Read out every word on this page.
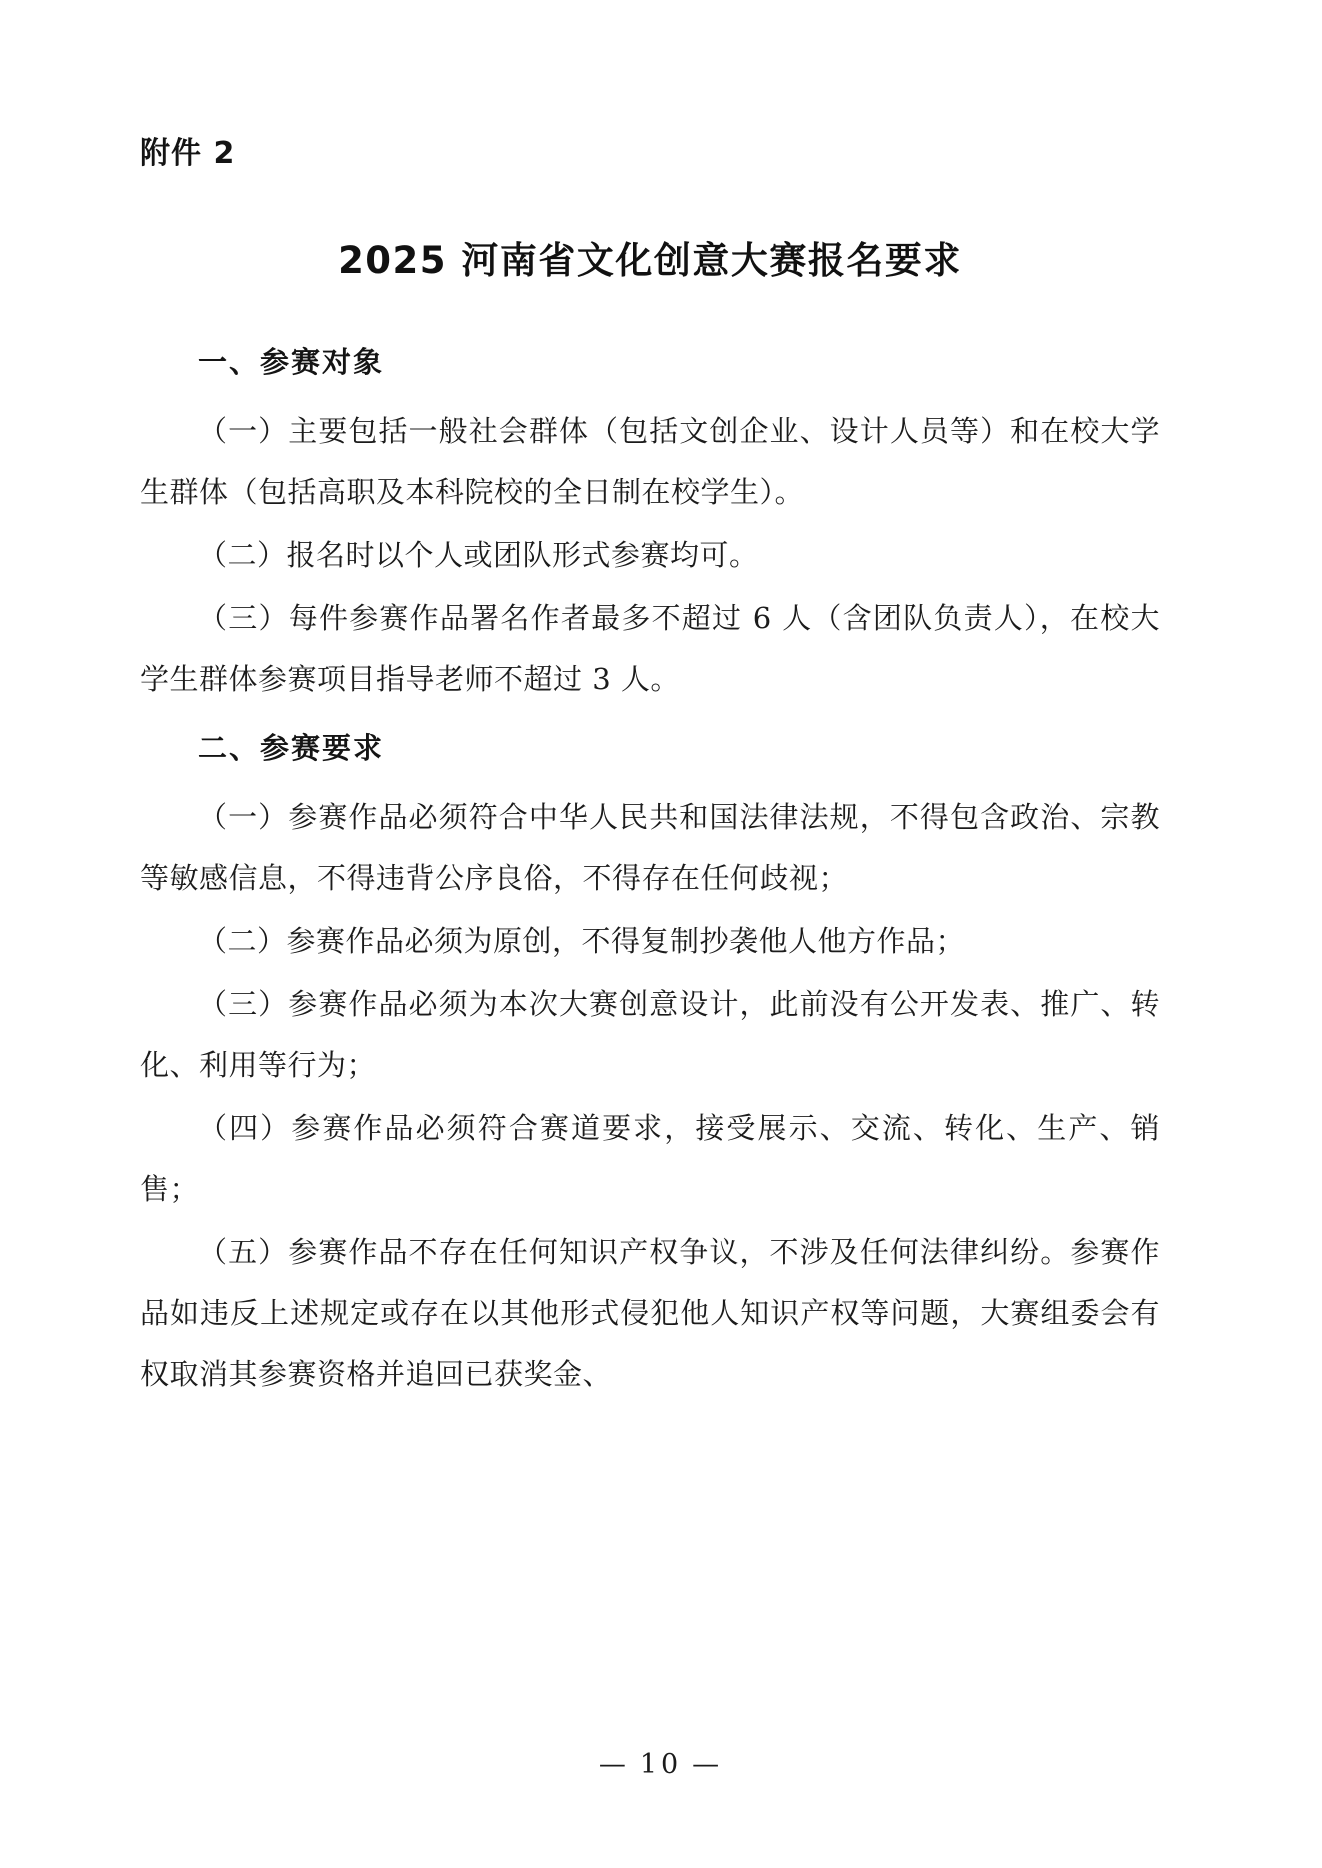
附件 2
2025 河南省文化创意大赛报名要求
一、参赛对象

（一）主要包括一般社会群体（包括文创企业、设计人员等）和在校大学生群体（包括高职及本科院校的全日制在校学生）。

（二）报名时以个人或团队形式参赛均可。

（三）每件参赛作品署名作者最多不超过 6 人（含团队负责人），在校大学生群体参赛项目指导老师不超过 3 人。

二、参赛要求

（一）参赛作品必须符合中华人民共和国法律法规，不得包含政治、宗教等敏感信息，不得违背公序良俗，不得存在任何歧视；

（二）参赛作品必须为原创，不得复制抄袭他人他方作品；

（三）参赛作品必须为本次大赛创意设计，此前没有公开发表、推广、转化、利用等行为；

（四）参赛作品必须符合赛道要求，接受展示、交流、转化、生产、销售；

（五）参赛作品不存在任何知识产权争议，不涉及任何法律纠纷。参赛作品如违反上述规定或存在以其他形式侵犯他人知识产权等问题，大赛组委会有权取消其参赛资格并追回已获奖金、

— 10 —
